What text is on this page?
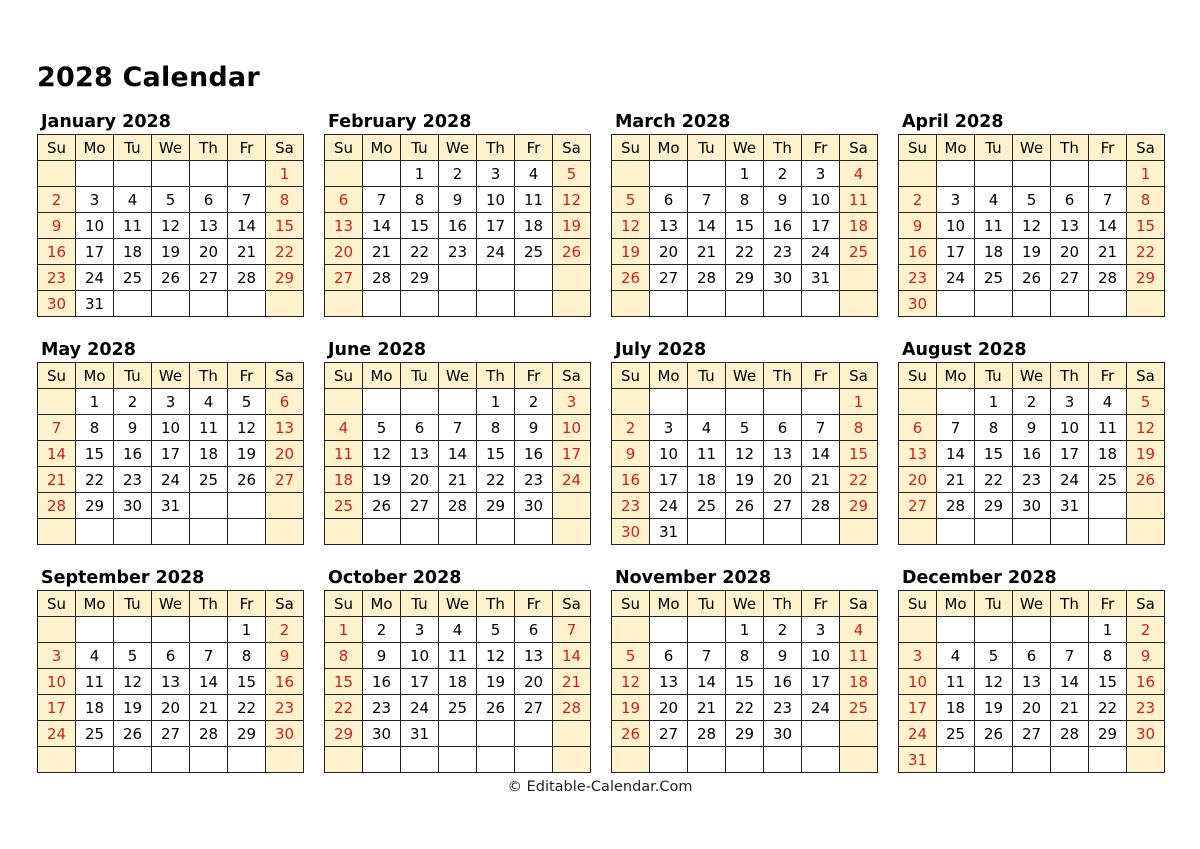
2028 Calendar
January 2028
Su	Mo	Tu	We	Th	Fr	Sa
						1
2	3	4	5	6	7	8
9	10	11	12	13	14	15
16	17	18	19	20	21	22
23	24	25	26	27	28	29
30	31					
February 2028
Su	Mo	Tu	We	Th	Fr	Sa
		1	2	3	4	5
6	7	8	9	10	11	12
13	14	15	16	17	18	19
20	21	22	23	24	25	26
27	28	29				

March 2028
Su	Mo	Tu	We	Th	Fr	Sa
			1	2	3	4
5	6	7	8	9	10	11
12	13	14	15	16	17	18
19	20	21	22	23	24	25
26	27	28	29	30	31	

April 2028
Su	Mo	Tu	We	Th	Fr	Sa
						1
2	3	4	5	6	7	8
9	10	11	12	13	14	15
16	17	18	19	20	21	22
23	24	25	26	27	28	29
30						
May 2028
Su	Mo	Tu	We	Th	Fr	Sa
	1	2	3	4	5	6
7	8	9	10	11	12	13
14	15	16	17	18	19	20
21	22	23	24	25	26	27
28	29	30	31			

June 2028
Su	Mo	Tu	We	Th	Fr	Sa
				1	2	3
4	5	6	7	8	9	10
11	12	13	14	15	16	17
18	19	20	21	22	23	24
25	26	27	28	29	30	

July 2028
Su	Mo	Tu	We	Th	Fr	Sa
						1
2	3	4	5	6	7	8
9	10	11	12	13	14	15
16	17	18	19	20	21	22
23	24	25	26	27	28	29
30	31					
August 2028
Su	Mo	Tu	We	Th	Fr	Sa
		1	2	3	4	5
6	7	8	9	10	11	12
13	14	15	16	17	18	19
20	21	22	23	24	25	26
27	28	29	30	31		

September 2028
Su	Mo	Tu	We	Th	Fr	Sa
					1	2
3	4	5	6	7	8	9
10	11	12	13	14	15	16
17	18	19	20	21	22	23
24	25	26	27	28	29	30

October 2028
Su	Mo	Tu	We	Th	Fr	Sa
1	2	3	4	5	6	7
8	9	10	11	12	13	14
15	16	17	18	19	20	21
22	23	24	25	26	27	28
29	30	31				

November 2028
Su	Mo	Tu	We	Th	Fr	Sa
			1	2	3	4
5	6	7	8	9	10	11
12	13	14	15	16	17	18
19	20	21	22	23	24	25
26	27	28	29	30		

December 2028
Su	Mo	Tu	We	Th	Fr	Sa
					1	2
3	4	5	6	7	8	9
10	11	12	13	14	15	16
17	18	19	20	21	22	23
24	25	26	27	28	29	30
31						
© Editable-Calendar.Com
